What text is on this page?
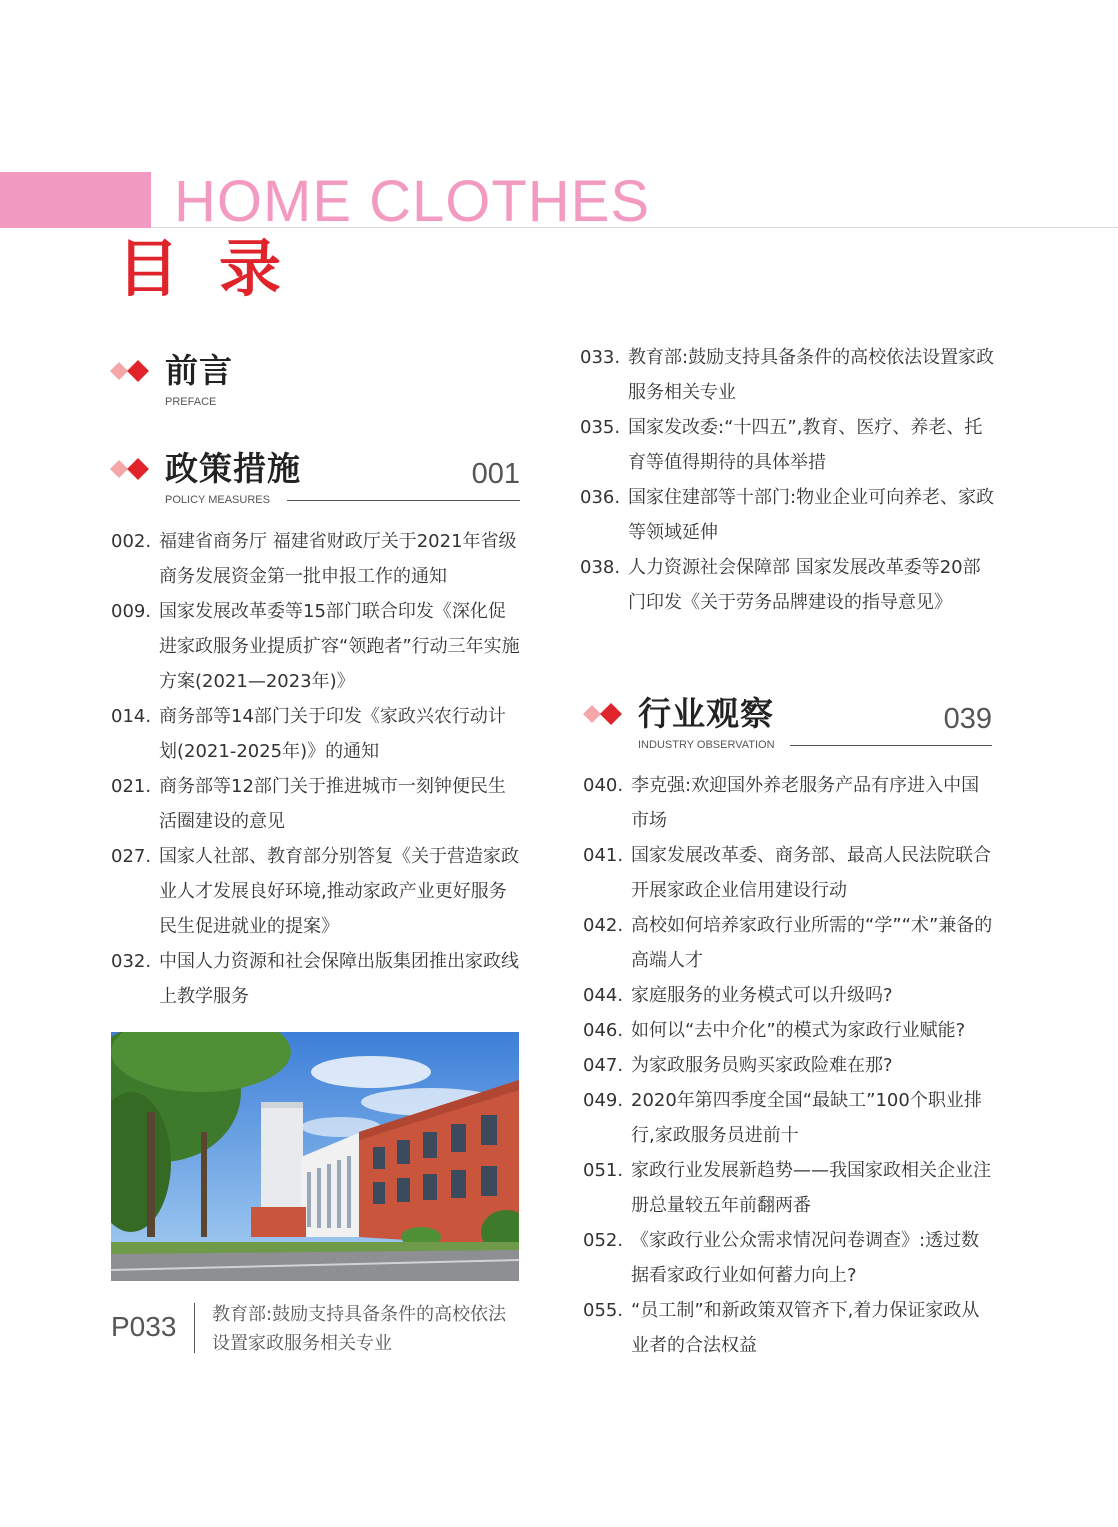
HOME CLOTHES
目录
前言
PREFACE
政策措施
POLICY MEASURES
001
002. 福建省商务厅 福建省财政厅关于2021年省级商务发展资金第一批申报工作的通知
009. 国家发展改革委等15部门联合印发《深化促进家政服务业提质扩容“领跑者”行动三年实施方案(2021—2023年)》
014. 商务部等14部门关于印发《家政兴农行动计划(2021-2025年)》的通知
021. 商务部等12部门关于推进城市一刻钟便民生活圈建设的意见
027. 国家人社部、教育部分别答复《关于营造家政业人才发展良好环境,推动家政产业更好服务民生促进就业的提案》
032. 中国人力资源和社会保障出版集团推出家政线上教学服务
P033 教育部:鼓励支持具备条件的高校依法设置家政服务相关专业
033. 教育部:鼓励支持具备条件的高校依法设置家政服务相关专业
035. 国家发改委:“十四五”,教育、医疗、养老、托育等值得期待的具体举措
036. 国家住建部等十部门:物业企业可向养老、家政等领域延伸
038. 人力资源社会保障部 国家发展改革委等20部门印发《关于劳务品牌建设的指导意见》
行业观察
INDUSTRY OBSERVATION
039
040. 李克强:欢迎国外养老服务产品有序进入中国市场
041. 国家发展改革委、商务部、最高人民法院联合开展家政企业信用建设行动
042. 高校如何培养家政行业所需的“学”“术”兼备的高端人才
044. 家庭服务的业务模式可以升级吗?
046. 如何以“去中介化”的模式为家政行业赋能?
047. 为家政服务员购买家政险难在那?
049. 2020年第四季度全国“最缺工”100个职业排行,家政服务员进前十
051. 家政行业发展新趋势——我国家政相关企业注册总量较五年前翻两番
052. 《家政行业公众需求情况问卷调查》:透过数据看家政行业如何蓄力向上?
055. “员工制”和新政策双管齐下,着力保证家政从业者的合法权益
